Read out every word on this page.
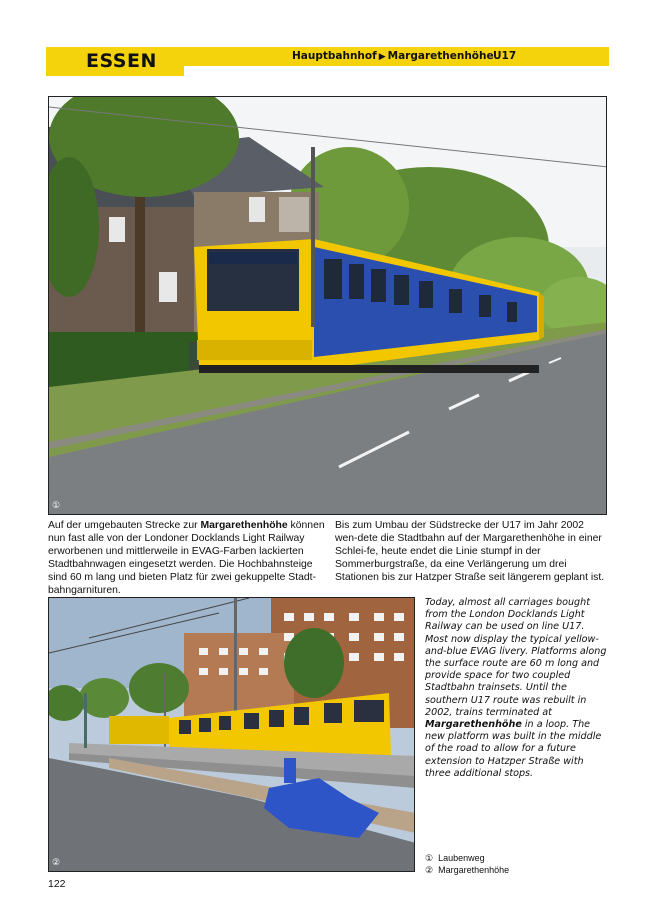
ESSEN	Hauptbahnhof ▶ Margarethenhöhe U17
①
Auf der umgebauten Strecke zur Margarethenhöhe können nun fast alle von der Londoner Docklands Light Railway erworbenen und mittlerweile in EVAG-Farben lackierten Stadtbahnwagen eingesetzt werden. Die Hochbahnsteige sind 60 m lang und bieten Platz für zwei gekuppelte Stadt-bahngarnituren.
Bis zum Umbau der Südstrecke der U17 im Jahr 2002 wen-dete die Stadtbahn auf der Margarethenhöhe in einer Schlei-fe, heute endet die Linie stumpf in der Sommerburgstraße, da eine Verlängerung um drei Stationen bis zur Hatzper Straße seit längerem geplant ist.
②
Today, almost all carriages bought from the London Docklands Light Railway can be used on line U17. Most now display the typical yellow-and-blue EVAG livery. Platforms along the surface route are 60 m long and provide space for two coupled Stadtbahn trainsets. Until the southern U17 route was rebuilt in 2002, trains terminated at Margarethenhöhe in a loop. The new platform was built in the middle of the road to allow for a future extension to Hatzper Straße with three additional stops.
① Laubenweg
② Margarethenhöhe
122
